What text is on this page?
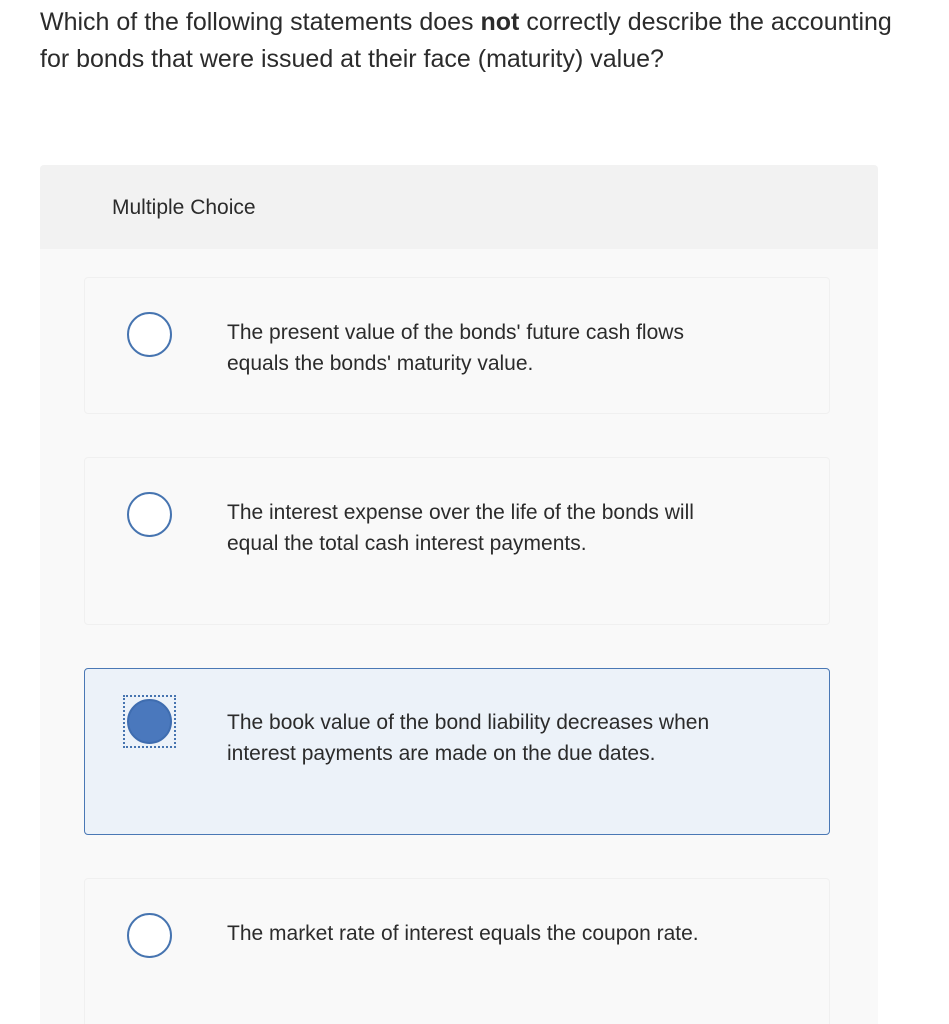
Which of the following statements does not correctly describe the accounting for bonds that were issued at their face (maturity) value?

Multiple Choice
The present value of the bonds' future cash flows equals the bonds' maturity value.
The interest expense over the life of the bonds will equal the total cash interest payments.
The book value of the bond liability decreases when interest payments are made on the due dates.
The market rate of interest equals the coupon rate.
